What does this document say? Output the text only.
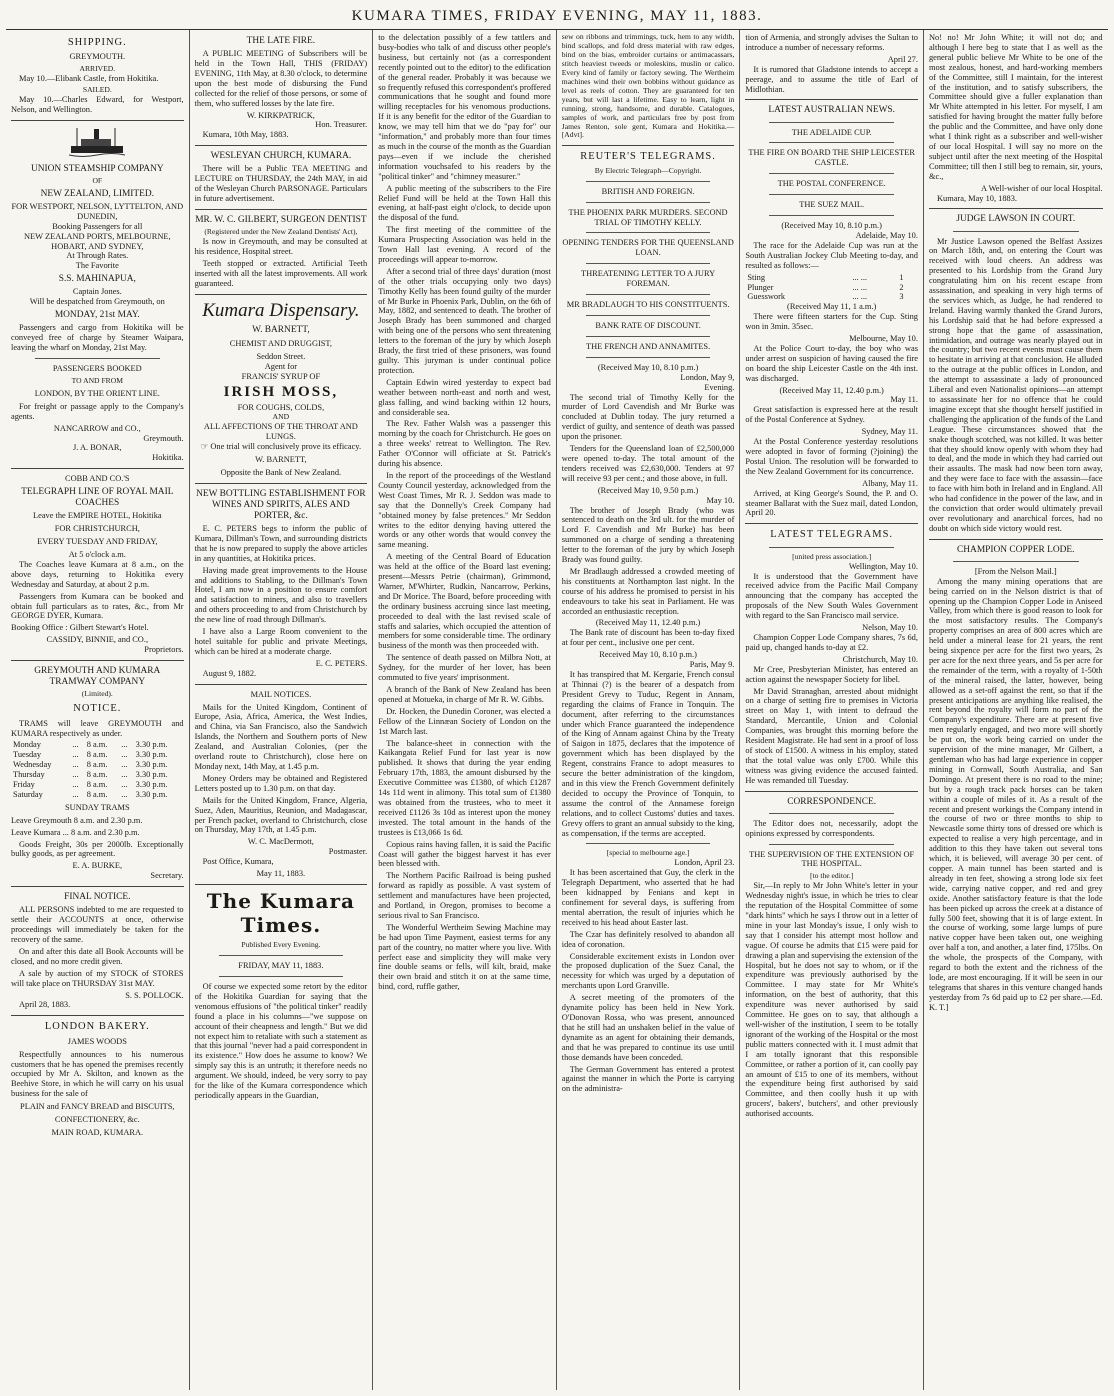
KUMARA TIMES, FRIDAY EVENING, MAY 11, 1883.
SHIPPING.
GREYMOUTH.
ARRIVED.

May 10.—Elibank Castle, from Hokitika.

SAILED.

May 10.—Charles Edward, for Westport, Nelson, and Wellington.

UNION STEAMSHIP COMPANY
OF
NEW ZEALAND, LIMITED.
FOR WESTPORT, NELSON, LYTTELTON, AND DUNEDIN,
Booking Passengers for all
NEW ZEALAND PORTS, MELBOURNE, HOBART, AND SYDNEY,
At Through Rates.
The Favorite
S.S. MAHINAPUA,
Captain Jones.
Will be despatched from Greymouth, on
MONDAY, 21st MAY.

Passengers and cargo from Hokitika will be conveyed free of charge by Steamer Waipara, leaving the wharf on Monday, 21st May.

PASSENGERS BOOKED
TO AND FROM
LONDON, BY THE ORIENT LINE.

For freight or passage apply to the Company's agents.

NANCARROW and CO.,
Greymouth.
J. A. BONAR,
Hokitika.
COBB AND CO.'S
TELEGRAPH LINE OF ROYAL MAIL COACHES
Leave the EMPIRE HOTEL, Hokitika
FOR CHRISTCHURCH,
EVERY TUESDAY AND FRIDAY,
At 5 o'clock a.m.

The Coaches leave Kumara at 8 a.m., on the above days, returning to Hokitika every Wednesday and Saturday, at about 2 p.m.

Passengers from Kumara can be booked and obtain full particulars as to rates, &c., from Mr GEORGE DYER, Kumara.

Booking Office : Gilbert Stewart's Hotel.

CASSIDY, BINNIE, and CO.,
Proprietors.
GREYMOUTH AND KUMARA TRAMWAY COMPANY
(Limited).
NOTICE.

TRAMS will leave GREYMOUTH and KUMARA respectively as under.

Monday	...	8 a.m.	...	3.30 p.m.
Tuesday	...	8 a.m.	...	3.30 p.m.
Wednesday	...	8 a.m.	...	3.30 p.m.
Thursday	...	8 a.m.	...	3.30 p.m.
Friday	...	8 a.m.	...	3.30 p.m.
Saturday	...	8 a.m.	...	3.30 p.m.
SUNDAY TRAMS

Leave Greymouth 8 a.m. and 2.30 p.m.

Leave Kumara ... 8 a.m. and 2.30 p.m.

Goods Freight, 30s per 2000lb. Exceptionally bulky goods, as per agreement.

E. A. BURKE,
Secretary.
FINAL NOTICE.

ALL PERSONS indebted to me are requested to settle their ACCOUNTS at once, otherwise proceedings will immediately be taken for the recovery of the same.

On and after this date all Book Accounts will be closed, and no more credit given.

A sale by auction of my STOCK of STORES will take place on THURSDAY 31st MAY.

S. S. POLLOCK.

April 28, 1883.

LONDON BAKERY.
JAMES WOODS

Respectfully announces to his numerous customers that he has opened the premises recently occupied by Mr A. Skilton, and known as the Beehive Store, in which he will carry on his usual business for the sale of

PLAIN and FANCY BREAD and BISCUITS,
CONFECTIONERY, &c.
MAIN ROAD, KUMARA.
THE LATE FIRE.

A PUBLIC MEETING of Subscribers will be held in the Town Hall, THIS (FRIDAY) EVENING, 11th May, at 8.30 o'clock, to determine upon the best mode of disbursing the Fund collected for the relief of those persons, or some of them, who suffered losses by the late fire.

W. KIRKPATRICK,
Hon. Treasurer.

Kumara, 10th May, 1883.

WESLEYAN CHURCH, KUMARA.

There will be a Public TEA MEETING and LECTURE on THURSDAY, the 24th MAY, in aid of the Wesleyan Church PARSONAGE. Particulars in future advertisement.

MR. W. C. GILBERT, SURGEON DENTIST
(Registered under the New Zealand Dentists' Act),

Is now in Greymouth, and may be consulted at his residence, Hospital street.

Teeth stopped or extracted. Artificial Teeth inserted with all the latest improvements. All work guaranteed.

Kumara Dispensary.
W. BARNETT,
CHEMIST AND DRUGGIST,
Seddon Street.
Agent for
FRANCIS' SYRUP OF
IRISH MOSS,
FOR COUGHS, COLDS,
AND
ALL AFFECTIONS OF THE THROAT AND LUNGS.
☞ One trial will conclusively prove its efficacy.
W. BARNETT,
Opposite the Bank of New Zealand.
NEW BOTTLING ESTABLISHMENT FOR WINES AND SPIRITS, ALES AND PORTER, &c.

E. C. PETERS begs to inform the public of Kumara, Dillman's Town, and surrounding districts that he is now prepared to supply the above articles in any quantities, at Hokitika prices.

Having made great improvements to the House and additions to Stabling, to the Dillman's Town Hotel, I am now in a position to ensure comfort and satisfaction to miners, and also to travellers and others proceeding to and from Christchurch by the new line of road through Dillman's.

I have also a Large Room convenient to the hotel suitable for public and private Meetings, which can be hired at a moderate charge.

E. C. PETERS.

August 9, 1882.

MAIL NOTICES.

Mails for the United Kingdom, Continent of Europe, Asia, Africa, America, the West Indies, and China, via San Francisco, also the Sandwich Islands, the Northern and Southern ports of New Zealand, and Australian Colonies, (per the overland route to Christchurch), close here on Monday next, 14th May, at 1.45 p.m.

Money Orders may be obtained and Registered Letters posted up to 1.30 p.m. on that day.

Mails for the United Kingdom, France, Algeria, Suez, Aden, Mauritius, Reunion, and Madagascar, per French packet, overland to Christchurch, close on Thursday, May 17th, at 1.45 p.m.

W. C. MacDermott,
Postmaster.

Post Office, Kumara,

May 11, 1883.
The Kumara Times.
Published Every Evening.
FRIDAY, MAY 11, 1883.

Of course we expected some retort by the editor of the Hokitika Guardian for saying that the venomous effusions of "the political tinker" readily found a place in his columns—"we suppose on account of their cheapness and length." But we did not expect him to retaliate with such a statement as that this journal "never had a paid correspondent in its existence." How does he assume to know? We simply say this is an untruth; it therefore needs no argument. We should, indeed, be very sorry to pay for the like of the Kumara correspondence which periodically appears in the Guardian,

to the delectation possibly of a few tattlers and busy-bodies who talk of and discuss other people's business, but certainly not (as a correspondent recently pointed out to the editor) to the edification of the general reader. Probably it was because we so frequently refused this correspondent's proffered communications that he sought and found more willing receptacles for his venomous productions. If it is any benefit for the editor of the Guardian to know, we may tell him that we do "pay for" our "information," and probably more than four times as much in the course of the month as the Guardian pays—even if we include the cherished information vouchsafed to his readers by the "political tinker" and "chimney measurer."

A public meeting of the subscribers to the Fire Relief Fund will be held at the Town Hall this evening, at half-past eight o'clock, to decide upon the disposal of the fund.

The first meeting of the committee of the Kumara Prospecting Association was held in the Town Hall last evening. A record of the proceedings will appear to-morrow.

After a second trial of three days' duration (most of the other trials occupying only two days) Timothy Kelly has been found guilty of the murder of Mr Burke in Phoenix Park, Dublin, on the 6th of May, 1882, and sentenced to death. The brother of Joseph Brady has been summoned and charged with being one of the persons who sent threatening letters to the foreman of the jury by which Joseph Brady, the first tried of these prisoners, was found guilty. This juryman is under continual police protection.

Captain Edwin wired yesterday to expect bad weather between north-east and north and west, glass falling, and wind backing within 12 hours, and considerable sea.

The Rev. Father Walsh was a passenger this morning by the coach for Christchurch. He goes on a three weeks' retreat to Wellington. The Rev. Father O'Connor will officiate at St. Patrick's during his absence.

In the report of the proceedings of the Westland County Council yesterday, acknowledged from the West Coast Times, Mr R. J. Seddon was made to say that the Donnelly's Creek Company had "obtained money by false pretences." Mr Seddon writes to the editor denying having uttered the words or any other words that would convey the same meaning.

A meeting of the Central Board of Education was held at the office of the Board last evening; present—Messrs Petrie (chairman), Grimmond, Warner, M'Whirter, Rudkin, Nancarrow, Perkins, and Dr Morice. The Board, before proceeding with the ordinary business accruing since last meeting, proceeded to deal with the last revised scale of staffs and salaries, which occupied the attention of members for some considerable time. The ordinary business of the month was then proceeded with.

The sentence of death passed on Milbra Nott, at Sydney, for the murder of her lover, has been commuted to five years' imprisonment.

A branch of the Bank of New Zealand has been opened at Motueka, in charge of Mr R. W. Gibbs.

Dr. Hocken, the Dunedin Coroner, was elected a Fellow of the Linnæan Society of London on the 1st March last.

The balance-sheet in connection with the Kaikangata Relief Fund for last year is now published. It shows that during the year ending February 17th, 1883, the amount disbursed by the Executive Committee was £1380, of which £1287 14s 11d went in alimony. This total sum of £1380 was obtained from the trustees, who to meet it received £1126 3s 10d as interest upon the money invested. The total amount in the hands of the trustees is £13,066 1s 6d.

Copious rains having fallen, it is said the Pacific Coast will gather the biggest harvest it has ever been blessed with.

The Northern Pacific Railroad is being pushed forward as rapidly as possible. A vast system of settlement and manufactures have been projected, and Portland, in Oregon, promises to become a serious rival to San Francisco.

The Wonderful Wertheim Sewing Machine may be had upon Time Payment, easiest terms for any part of the country, no matter where you live. With perfect ease and simplicity they will make very fine double seams or fells, will kilt, braid, make their own braid and stitch it on at the same time, bind, cord, ruffle gather,

sew on ribbons and trimmings, tuck, hem to any width, bind scallops, and fold dress material with raw edges, bind on the bias, embroider curtains or antimacassars, stitch heaviest tweeds or moleskins, muslin or calico. Every kind of family or factory sewing. The Wertheim machines wind their own bobbins without guidance as level as reels of cotton. They are guaranteed for ten years, but will last a lifetime. Easy to learn, light in running, strong, handsome, and durable. Catalogues, samples of work, and particulars free by post from James Renton, sole gent, Kumara and Hokitika.—[Advt].

REUTER'S TELEGRAMS.
By Electric Telegraph—Copyright.
BRITISH AND FOREIGN.
THE PHOENIX PARK MURDERS. SECOND TRIAL OF TIMOTHY KELLY.
OPENING TENDERS FOR THE QUEENSLAND LOAN.
THREATENING LETTER TO A JURY FOREMAN.
MR BRADLAUGH TO HIS CONSTITUENTS.
BANK RATE OF DISCOUNT.
THE FRENCH AND ANNAMITES.
(Received May 10, 8.10 p.m.)
London, May 9,
Evening.

The second trial of Timothy Kelly for the murder of Lord Cavendish and Mr Burke was concluded at Dublin today. The jury returned a verdict of guilty, and sentence of death was passed upon the prisoner.

Tenders for the Queensland loan of £2,500,000 were opened to-day. The total amount of the tenders received was £2,630,000. Tenders at 97 will receive 93 per cent.; and those above, in full.

(Received May 10, 9.50 p.m.)
May 10.

The brother of Joseph Brady (who was sentenced to death on the 3rd ult. for the murder of Lord F. Cavendish and Mr Burke) has been summoned on a charge of sending a threatening letter to the foreman of the jury by which Joseph Brady was found guilty.

Mr Bradlaugh addressed a crowded meeting of his constituents at Northampton last night. In the course of his address he promised to persist in his endeavours to take his seat in Parliament. He was accorded an enthusiastic reception.

(Received May 11, 12.40 p.m.)

The Bank rate of discount has been to-day fixed at four per cent., inclusive one per cent.

Received May 10, 8.10 p.m.)
Paris, May 9.

It has transpired that M. Kergarie, French consul at Thinnai (?) is the bearer of a despatch from President Grevy to Tuduc, Regent in Annam, regarding the claims of France in Tonquin. The document, after referring to the circumstances under which France guaranteed the independence of the King of Annam against China by the Treaty of Saigon in 1875, declares that the impotence of government which has been displayed by the Regent, constrains France to adopt measures to secure the better administration of the kingdom, and in this view the French Government definitely decided to occupy the Province of Tonquin, to assume the control of the Annamese foreign relations, and to collect Customs' duties and taxes. Grevy offers to grant an annual subsidy to the king, as compensation, if the terms are accepted.

[special to melbourne age.]
London, April 23.

It has been ascertained that Guy, the clerk in the Telegraph Department, who asserted that he had been kidnapped by Fenians and kept in confinement for several days, is suffering from mental aberration, the result of injuries which he received to his head about Easter last.

The Czar has definitely resolved to abandon all idea of coronation.

Considerable excitement exists in London over the proposed duplication of the Suez Canal, the necessity for which was urged by a deputation of merchants upon Lord Granville.

A secret meeting of the promoters of the dynamite policy has been held in New York. O'Donovan Rossa, who was present, announced that he still had an unshaken belief in the value of dynamite as an agent for obtaining their demands, and that he was prepared to continue its use until those demands have been conceded.

The German Government has entered a protest against the manner in which the Porte is carrying on the administra-

tion of Armenia, and strongly advises the Sultan to introduce a number of necessary reforms.

April 27.

It is rumored that Gladstone intends to accept a peerage, and to assume the title of Earl of Midlothian.

LATEST AUSTRALIAN NEWS.
THE ADELAIDE CUP.
THE FIRE ON BOARD THE SHIP LEICESTER CASTLE.
THE POSTAL CONFERENCE.
THE SUEZ MAIL.
(Received May 10, 8.10 p.m.)
Adelaide, May 10.

The race for the Adelaide Cup was run at the South Australian Jockey Club Meeting to-day, and resulted as follows:—

Sting	... ...	1
Plunger	... ...	2
Guesswork	... ...	3
(Received May 11, 1 a.m.)

There were fifteen starters for the Cup. Sting won in 3min. 35sec.

Melbourne, May 10.

At the Police Court to-day, the boy who was under arrest on suspicion of having caused the fire on board the ship Leicester Castle on the 4th inst. was discharged.

(Received May 11, 12.40 p.m.)
May 11.

Great satisfaction is expressed here at the result of the Postal Conference at Sydney.

Sydney, May 11.

At the Postal Conference yesterday resolutions were adopted in favor of forming (?joining) the Postal Union. The resolution will be forwarded to the New Zealand Government for its concurrence.

Albany, May 11.

Arrived, at King George's Sound, the P. and O. steamer Ballarat with the Suez mail, dated London, April 20.

LATEST TELEGRAMS.
[united press association.]
Wellington, May 10.

It is understood that the Government have received advice from the Pacific Mail Company announcing that the company has accepted the proposals of the New South Wales Government with regard to the San Francisco mail service.

Nelson, May 10.

Champion Copper Lode Company shares, 7s 6d, paid up, changed hands to-day at £2.

Christchurch, May 10.

Mr Cree, Presbyterian Minister, has entered an action against the newspaper Society for libel.

Mr David Stranaghan, arrested about midnight on a charge of setting fire to premises in Victoria street on May 1, with intent to defraud the Standard, Mercantile, Union and Colonial Companies, was brought this morning before the Resident Magistrate. He had sent in a proof of loss of stock of £1500. A witness in his employ, stated that the total value was only £700. While this witness was giving evidence the accused fainted. He was remanded till Tuesday.

CORRESPONDENCE.

The Editor does not, necessarily, adopt the opinions expressed by correspondents.

THE SUPERVISION OF THE EXTENSION OF THE HOSPITAL.
[to the editor.]

Sir,—In reply to Mr John White's letter in your Wednesday night's issue, in which he tries to clear the reputation of the Hospital Committee of some "dark hints" which he says I throw out in a letter of mine in your last Monday's issue, I only wish to say that I consider his attempt most hollow and vague. Of course he admits that £15 were paid for drawing a plan and supervising the extension of the Hospital, but he does not say to whom, or if the expenditure was previously authorised by the Committee. I may state for Mr White's information, on the best of authority, that this expenditure was never authorised by said Committee. He goes on to say, that although a well-wisher of the institution, I seem to be totally ignorant of the working of the Hospital or the most public matters connected with it. I must admit that I am totally ignorant that this responsible Committee, or rather a portion of it, can coolly pay an amount of £15 to one of its members, without the expenditure being first authorised by said Committee, and then coolly hush it up with grocers', bakers', butchers', and other previously authorised accounts.

No! no! Mr John White; it will not do; and although I here beg to state that I as well as the general public believe Mr White to be one of the most zealous, honest, and hard-working members of the Committee, still I maintain, for the interest of the institution, and to satisfy subscribers, the Committee should give a fuller explanation than Mr White attempted in his letter. For myself, I am satisfied for having brought the matter fully before the public and the Committee, and have only done what I think right as a subscriber and well-wisher of our local Hospital. I will say no more on the subject until after the next meeting of the Hospital Committee; till then I still beg to remain, sir, yours, &c.,

A Well-wisher of our local Hospital.

Kumara, May 10, 1883.

JUDGE LAWSON IN COURT.

Mr Justice Lawson opened the Belfast Assizes on March 18th, and, on entering the Court was received with loud cheers. An address was presented to his Lordship from the Grand Jury congratulating him on his recent escape from assassination, and speaking in very high terms of the services which, as Judge, he had rendered to Ireland. Having warmly thanked the Grand Jurors, his Lordship said that he had before expressed a strong hope that the game of assassination, intimidation, and outrage was nearly played out in the country; but two recent events must cause them to hesitate in arriving at that conclusion. He alluded to the outrage at the public offices in London, and the attempt to assassinate a lady of pronounced Liberal and even Nationalist opinions—an attempt to assassinate her for no offence that he could imagine except that she thought herself justified in challenging the application of the funds of the Land League. These circumstances showed that the snake though scotched, was not killed. It was better that they should know openly with whom they had to deal, and the mode in which they had carried out their assaults. The mask had now been torn away, and they were face to face with the assassin—face to face with him both in Ireland and in England. All who had confidence in the power of the law, and in the conviction that order would ultimately prevail over revolutionary and anarchical forces, had no doubt on which side victory would rest.

CHAMPION COPPER LODE.
[From the Nelson Mail.]

Among the many mining operations that are being carried on in the Nelson district is that of opening up the Champion Copper Lode in Aniseed Valley, from which there is good reason to look for the most satisfactory results. The Company's property comprises an area of 800 acres which are held under a mineral lease for 21 years, the rent being sixpence per acre for the first two years, 2s per acre for the next three years, and 5s per acre for the remainder of the term, with a royalty of 1-50th of the mineral raised, the latter, however, being allowed as a set-off against the rent, so that if the present anticipations are anything like realised, the rent beyond the royalty will form no part of the Company's expenditure. There are at present five men regularly engaged, and two more will shortly be put on, the work being carried on under the supervision of the mine manager, Mr Gilbert, a gentleman who has had large experience in copper mining in Cornwall, South Australia, and San Domingo. At present there is no road to the mine; but by a rough track pack horses can be taken within a couple of miles of it. As a result of the recent and present workings the Company intend in the course of two or three months to ship to Newcastle some thirty tons of dressed ore which is expected to realise a very high percentage, and in addition to this they have taken out several tons which, it is believed, will average 30 per cent. of copper. A main tunnel has been started and is already in ten feet, showing a strong lode six feet wide, carrying native copper, and red and grey oxide. Another satisfactory feature is that the lode has been picked up across the creek at a distance of fully 500 feet, showing that it is of large extent. In the course of working, some large lumps of pure native copper have been taken out, one weighing over half a ton, and another, a later find, 175lbs. On the whole, the prospects of the Company, with regard to both the extent and the richness of the lode, are most encouraging. If it will be seen in our telegrams that shares in this venture changed hands yesterday from 7s 6d paid up to £2 per share.—Ed. K. T.]
